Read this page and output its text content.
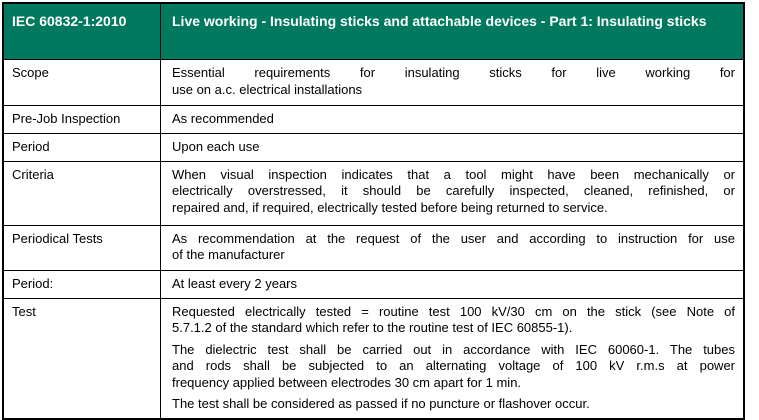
IEC 60832-1:2010	Live working - Insulating sticks and attachable devices - Part 1: Insulating sticks
Scope	Essential requirements for insulating sticks for live working for
use on a.c. electrical installations
Pre-Job Inspection	As recommended
Period	Upon each use
Criteria	When visual inspection indicates that a tool might have been mechanically or
electrically overstressed, it should be carefully inspected, cleaned, refinished, or
repaired and, if required, electrically tested before being returned to service.
Periodical Tests	As recommendation at the request of the user and according to instruction for use
of the manufacturer
Period:	At least every 2 years
Test	Requested electrically tested = routine test 100 kV/30 cm on the stick (see Note of
5.7.1.2 of the standard which refer to the routine test of IEC 60855-1).
The dielectric test shall be carried out in accordance with IEC 60060-1. The tubes
and rods shall be subjected to an alternating voltage of 100 kV r.m.s at power
frequency applied between electrodes 30 cm apart for 1 min.
The test shall be considered as passed if no puncture or flashover occur.
